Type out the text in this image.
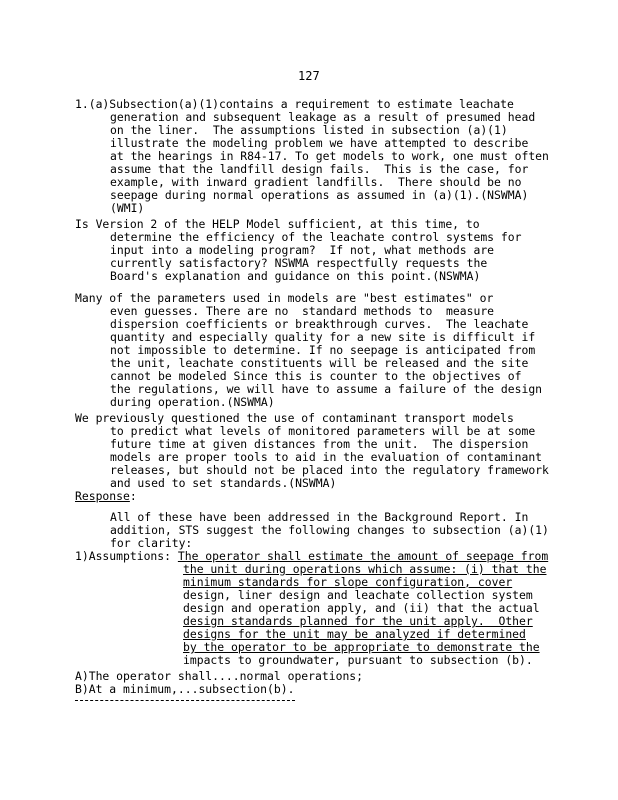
127
1.(a)Subsection(a)(1)contains a requirement to estimate leachate
generation and subsequent leakage as a result of presumed head
on the liner.  The assumptions listed in subsection (a)(1)
illustrate the modeling problem we have attempted to describe
at the hearings in R84-17. To get models to work, one must often
assume that the landfill design fails.  This is the case, for
example, with inward gradient landfills.  There should be no
seepage during normal operations as assumed in (a)(1).(NSWMA)
(WMI)
Is Version 2 of the HELP Model sufficient, at this time, to
determine the efficiency of the leachate control systems for
input into a modeling program?  If not, what methods are
currently satisfactory? NSWMA respectfully requests the
Board's explanation and guidance on this point.(NSWMA)
Many of the parameters used in models are "best estimates" or
even guesses. There are no  standard methods to  measure
dispersion coefficients or breakthrough curves.  The leachate
quantity and especially quality for a new site is difficult if
not impossible to determine. If no seepage is anticipated from
the unit, leachate constituents will be released and the site
cannot be modeled Since this is counter to the objectives of
the regulations, we will have to assume a failure of the design
during operation.(NSWMA)
We previously questioned the use of contaminant transport models
to predict what levels of monitored parameters will be at some
future time at given distances from the unit.  The dispersion
models are proper tools to aid in the evaluation of contaminant
releases, but should not be placed into the regulatory framework
and used to set standards.(NSWMA)
Response:
All of these have been addressed in the Background Report. In
addition, STS suggest the following changes to subsection (a)(1)
for clarity:
1)Assumptions: The operator shall estimate the amount of seepage from
the unit during operations which assume: (i) that the
minimum standards for slope configuration, cover
design, liner design and leachate collection system
design and operation apply, and (ii) that the actual
design standards planned for the unit apply.  Other
designs for the unit may be analyzed if determined
by the operator to be appropriate to demonstrate the
impacts to groundwater, pursuant to subsection (b).
A)The operator shall....normal operations;
B)At a minimum,...subsection(b).
